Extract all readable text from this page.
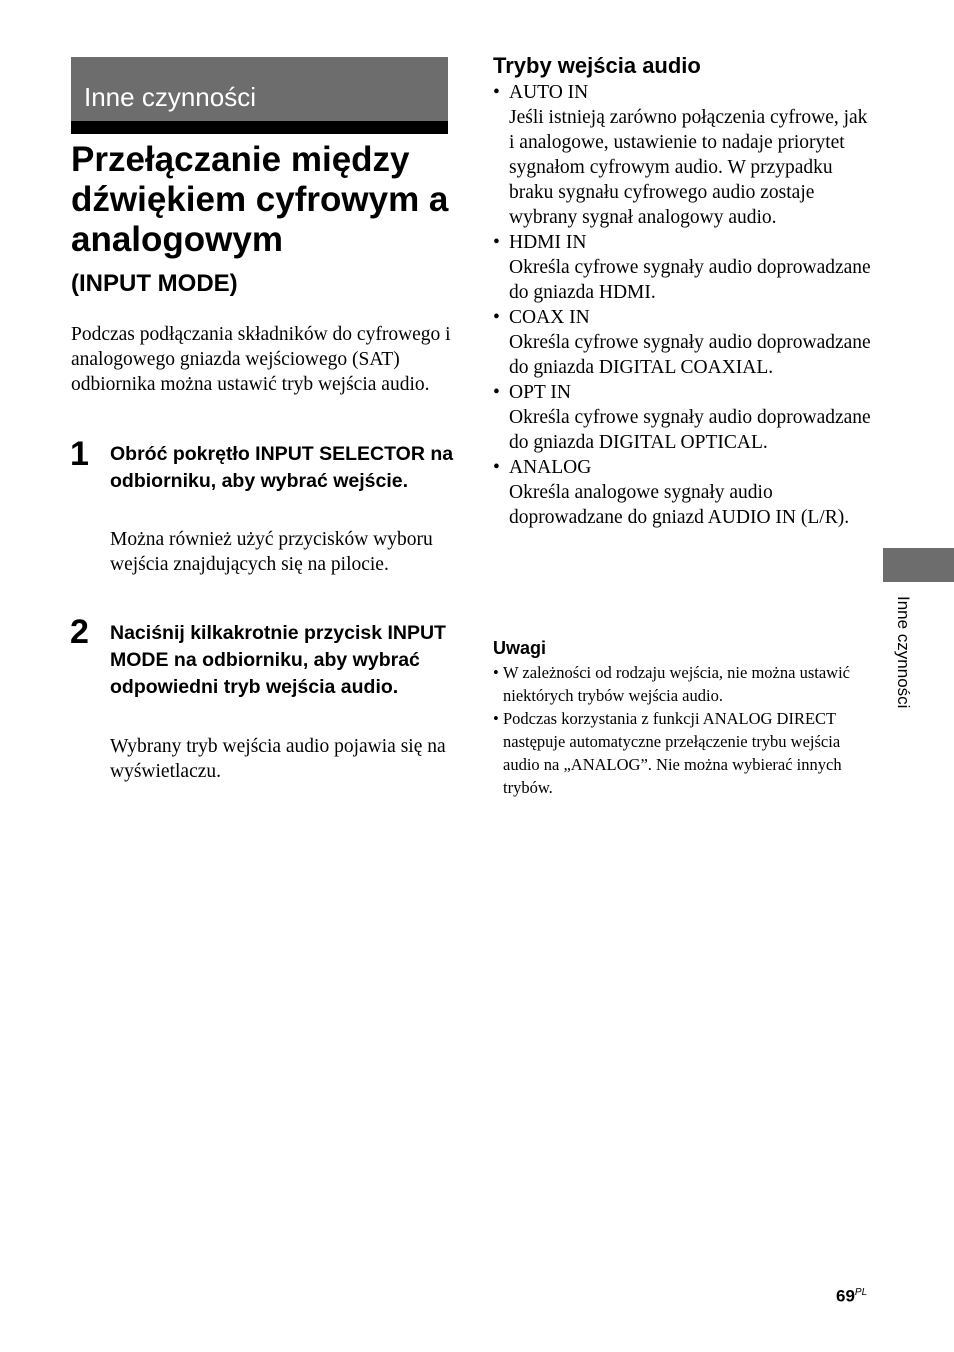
Inne czynności
Przełączanie między dźwiękiem cyfrowym a analogowym
(INPUT MODE)

Podczas podłączania składników do cyfrowego i analogowego gniazda wejściowego (SAT) odbiornika można ustawić tryb wejścia audio.

1 Obróć pokrętło INPUT SELECTOR na odbiorniku, aby wybrać wejście.

Można również użyć przycisków wyboru wejścia znajdujących się na pilocie.

2 Naciśnij kilkakrotnie przycisk INPUT MODE na odbiorniku, aby wybrać odpowiedni tryb wejścia audio.

Wybrany tryb wejścia audio pojawia się na wyświetlaczu.

Tryby wejścia audio
• AUTO IN
Jeśli istnieją zarówno połączenia cyfrowe, jak i analogowe, ustawienie to nadaje priorytet sygnałom cyfrowym audio. W przypadku braku sygnału cyfrowego audio zostaje wybrany sygnał analogowy audio.
• HDMI IN
Określa cyfrowe sygnały audio doprowadzane do gniazda HDMI.
• COAX IN
Określa cyfrowe sygnały audio doprowadzane do gniazda DIGITAL COAXIAL.
• OPT IN
Określa cyfrowe sygnały audio doprowadzane do gniazda DIGITAL OPTICAL.
• ANALOG
Określa analogowe sygnały audio doprowadzane do gniazd AUDIO IN (L/R).
Uwagi
• W zależności od rodzaju wejścia, nie można ustawić niektórych trybów wejścia audio.
• Podczas korzystania z funkcji ANALOG DIRECT następuje automatyczne przełączenie trybu wejścia audio na „ANALOG”. Nie można wybierać innych trybów.
Inne czynności
$69^{PL}$
